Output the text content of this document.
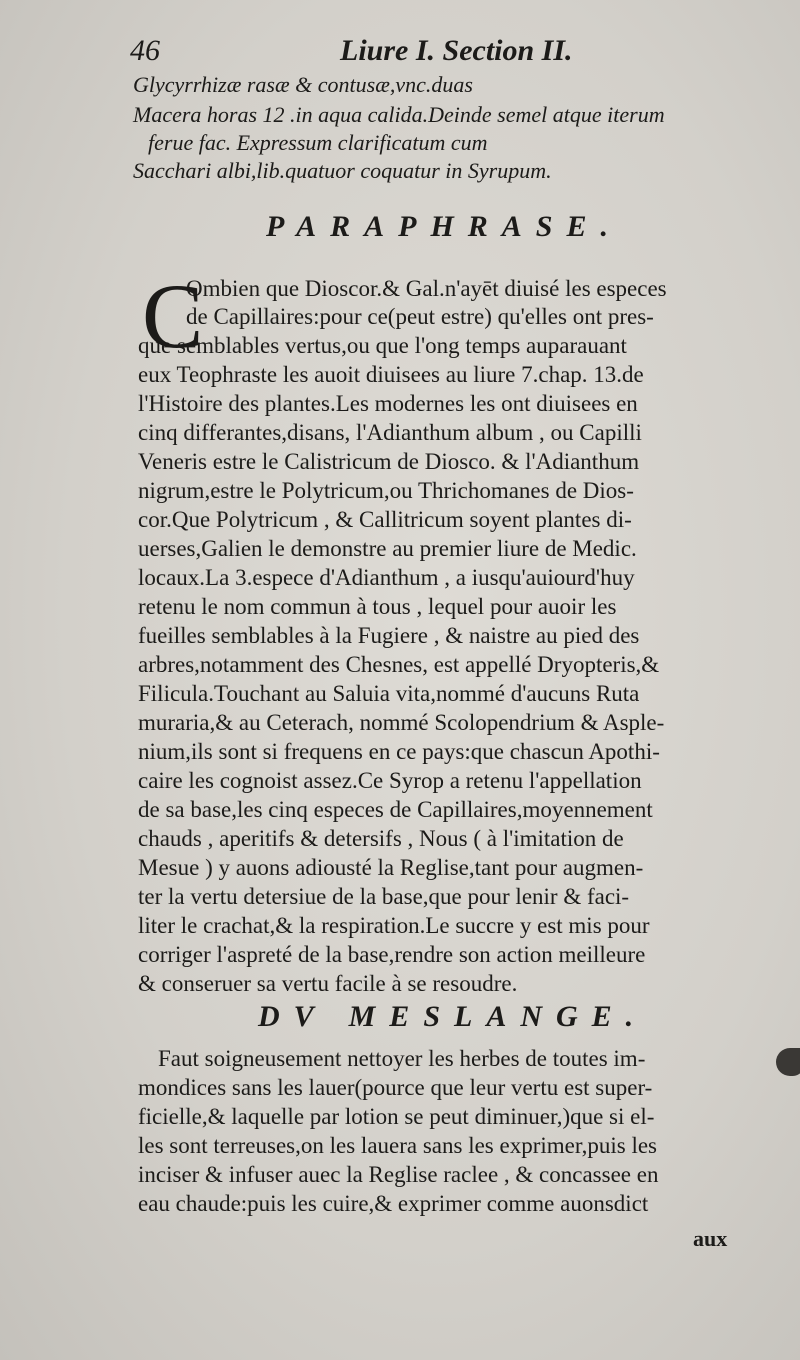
46	Liure I. Section II.
Glycyrrhizæ rasæ & contusæ,vnc.duas
Macera horas 12 .in aqua calida.Deinde semel atque iterum
ferue fac. Expressum clarificatum cum
Sacchari albi,lib.quatuor coquatur in Syrupum.
PARAPHRASE.
C
Ombien que Dioscor.& Gal.n'ayēt diuisé les especes
de Capillaires:pour ce(peut estre) qu'elles ont pres-
que semblables vertus,ou que l'ong temps auparauant
eux Teophraste les auoit diuisees au liure 7.chap. 13.de
l'Histoire des plantes.Les modernes les ont diuisees en
cinq differantes,disans, l'Adianthum album , ou Capilli
Veneris estre le Calistricum de Diosco. & l'Adianthum
nigrum,estre le Polytricum,ou Thrichomanes de Dios-
cor.Que Polytricum , & Callitricum soyent plantes di-
uerses,Galien le demonstre au premier liure de Medic.
locaux.La 3.espece d'Adianthum , a iusqu'auiourd'huy
retenu le nom commun à tous , lequel pour auoir les
fueilles semblables à la Fugiere , & naistre au pied des
arbres,notamment des Chesnes, est appellé Dryopteris,&
Filicula.Touchant au Saluia vita,nommé d'aucuns Ruta
muraria,& au Ceterach, nommé Scolopendrium & Asple-
nium,ils sont si frequens en ce pays:que chascun Apothi-
caire les cognoist assez.Ce Syrop a retenu l'appellation
de sa base,les cinq especes de Capillaires,moyennement
chauds , aperitifs & detersifs , Nous ( à l'imitation de
Mesue ) y auons adiousté la Reglise,tant pour augmen-
ter la vertu detersiue de la base,que pour lenir & faci-
liter le crachat,& la respiration.Le succre y est mis pour
corriger l'aspreté de la base,rendre son action meilleure
& conseruer sa vertu facile à se resoudre.
DV MESLANGE.
Faut soigneusement nettoyer les herbes de toutes im-
mondices sans les lauer(pource que leur vertu est super-
ficielle,& laquelle par lotion se peut diminuer,)que si el-
les sont terreuses,on les lauera sans les exprimer,puis les
inciser & infuser auec la Reglise raclee , & concassee en
eau chaude:puis les cuire,& exprimer comme auonsdict
aux
